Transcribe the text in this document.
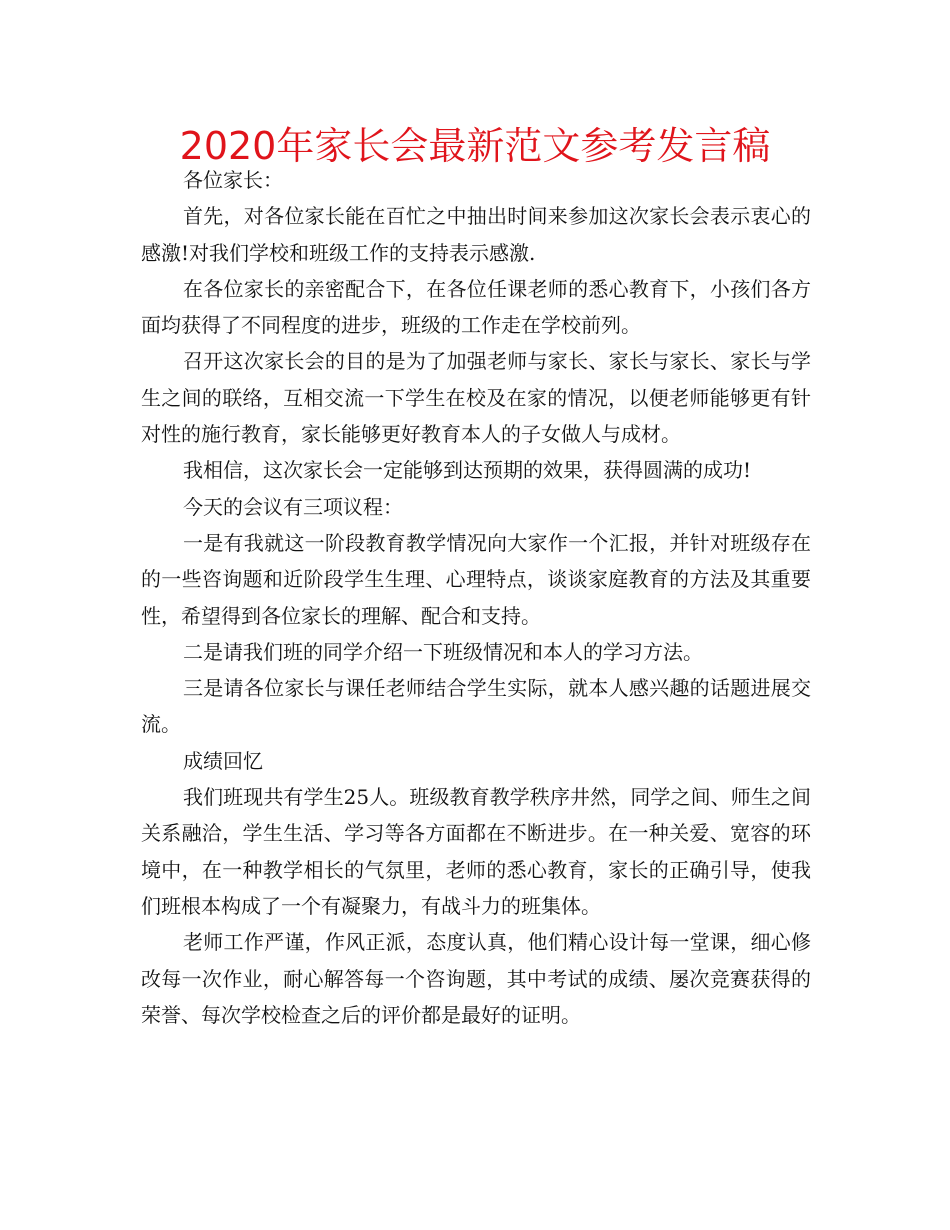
2020年家长会最新范文参考发言稿

各位家长：

首先，对各位家长能在百忙之中抽出时间来参加这次家长会表示衷心的感激!对我们学校和班级工作的支持表示感激.

在各位家长的亲密配合下，在各位任课老师的悉心教育下，小孩们各方面均获得了不同程度的进步，班级的工作走在学校前列。

召开这次家长会的目的是为了加强老师与家长、家长与家长、家长与学生之间的联络，互相交流一下学生在校及在家的情况，以便老师能够更有针对性的施行教育，家长能够更好教育本人的子女做人与成材。

我相信，这次家长会一定能够到达预期的效果，获得圆满的成功!

今天的会议有三项议程：

一是有我就这一阶段教育教学情况向大家作一个汇报，并针对班级存在的一些咨询题和近阶段学生生理、心理特点，谈谈家庭教育的方法及其重要性，希望得到各位家长的理解、配合和支持。

二是请我们班的同学介绍一下班级情况和本人的学习方法。

三是请各位家长与课任老师结合学生实际，就本人感兴趣的话题进展交流。

成绩回忆

我们班现共有学生25人。班级教育教学秩序井然，同学之间、师生之间关系融洽，学生生活、学习等各方面都在不断进步。在一种关爱、宽容的环境中，在一种教学相长的气氛里，老师的悉心教育，家长的正确引导，使我们班根本构成了一个有凝聚力，有战斗力的班集体。

老师工作严谨，作风正派，态度认真，他们精心设计每一堂课，细心修改每一次作业，耐心解答每一个咨询题，其中考试的成绩、屡次竞赛获得的荣誉、每次学校检查之后的评价都是最好的证明。
